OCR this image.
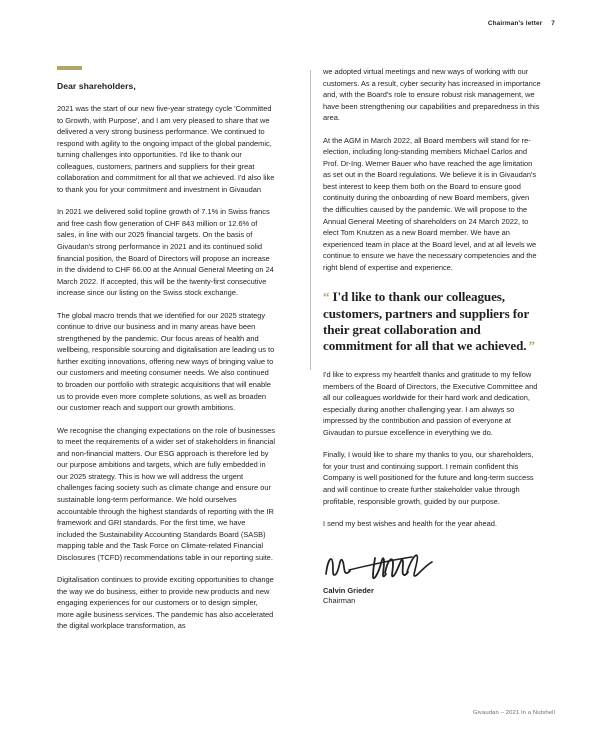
Chairman's letter 7
Dear shareholders,

2021 was the start of our new five-year strategy cycle 'Committed to Growth, with Purpose', and I am very pleased to share that we delivered a very strong business performance. We continued to respond with agility to the ongoing impact of the global pandemic, turning challenges into opportunities. I'd like to thank our colleagues, customers, partners and suppliers for their great collaboration and commitment for all that we achieved. I'd also like to thank you for your commitment and investment in Givaudan

In 2021 we delivered solid topline growth of 7.1% in Swiss francs and free cash flow generation of CHF 843 million or 12.6% of sales, in line with our 2025 financial targets. On the basis of Givaudan's strong performance in 2021 and its continued solid financial position, the Board of Directors will propose an increase in the dividend to CHF 66.00 at the Annual General Meeting on 24 March 2022. If accepted, this will be the twenty-first consecutive increase since our listing on the Swiss stock exchange.

The global macro trends that we identified for our 2025 strategy continue to drive our business and in many areas have been strengthened by the pandemic. Our focus areas of health and wellbeing, responsible sourcing and digitalisation are leading us to further exciting innovations, offering new ways of bringing value to our customers and meeting consumer needs. We also continued to broaden our portfolio with strategic acquisitions that will enable us to provide even more complete solutions, as well as broaden our customer reach and support our growth ambitions.

We recognise the changing expectations on the role of businesses to meet the requirements of a wider set of stakeholders in financial and non-financial matters. Our ESG approach is therefore led by our purpose ambitions and targets, which are fully embedded in our 2025 strategy. This is how we will address the urgent challenges facing society such as climate change and ensure our sustainable long-term performance. We hold ourselves accountable through the highest standards of reporting with the IR framework and GRI standards. For the first time, we have included the Sustainability Accounting Standards Board (SASB) mapping table and the Task Force on Climate-related Financial Disclosures (TCFD) recommendations table in our reporting suite.

Digitalisation continues to provide exciting opportunities to change the way we do business, either to provide new products and new engaging experiences for our customers or to design simpler, more agile business services. The pandemic has also accelerated the digital workplace transformation, as

we adopted virtual meetings and new ways of working with our customers. As a result, cyber security has increased in importance and, with the Board's role to ensure robust risk management, we have been strengthening our capabilities and preparedness in this area.

At the AGM in March 2022, all Board members will stand for re-election, including long-standing members Michael Carlos and Prof. Dr-Ing. Werner Bauer who have reached the age limitation as set out in the Board regulations. We believe it is in Givaudan's best interest to keep them both on the Board to ensure good continuity during the onboarding of new Board members, given the difficulties caused by the pandemic. We will propose to the Annual General Meeting of shareholders on 24 March 2022, to elect Tom Knutzen as a new Board member. We have an experienced team in place at the Board level, and at all levels we continue to ensure we have the necessary competencies and the right blend of expertise and experience.

“ I'd like to thank our colleagues, customers, partners and suppliers for their great collaboration and commitment for all that we achieved. ”

I'd like to express my heartfelt thanks and gratitude to my fellow members of the Board of Directors, the Executive Committee and all our colleagues worldwide for their hard work and dedication, especially during another challenging year. I am always so impressed by the contribution and passion of everyone at Givaudan to pursue excellence in everything we do.

Finally, I would like to share my thanks to you, our shareholders, for your trust and continuing support. I remain confident this Company is well positioned for the future and long-term success and will continue to create further stakeholder value through profitable, responsible growth, guided by our purpose.

I send my best wishes and health for the year ahead.

Calvin Grieder
Chairman
Givaudan – 2021 In a Nutshell
